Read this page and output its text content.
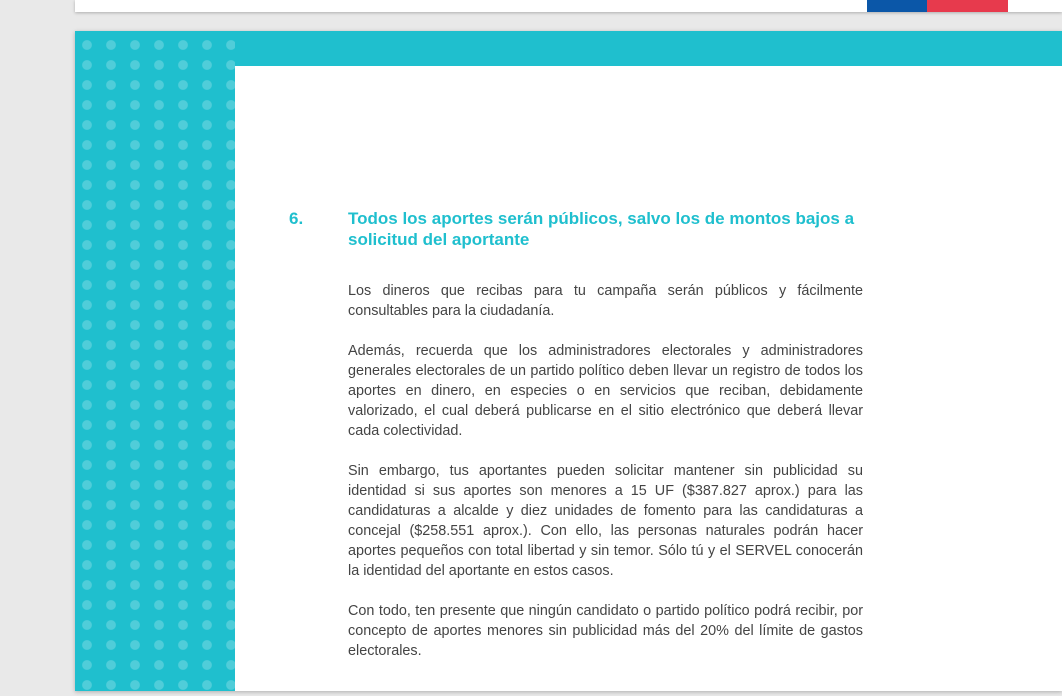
6.	Todos los aportes serán públicos, salvo los de montos bajos a solicitud del aportante

Los dineros que recibas para tu campaña serán públicos y fácilmente consultables para la ciudadanía.

Además, recuerda que los administradores electorales y administradores generales electorales de un partido político deben llevar un registro de todos los aportes en dinero, en especies o en servicios que reciban, debidamente valorizado, el cual deberá publicarse en el sitio electrónico que deberá llevar cada colectividad.

Sin embargo, tus aportantes pueden solicitar mantener sin publicidad su identidad si sus aportes son menores a 15 UF ($387.827 aprox.) para las candidaturas a alcalde y diez unidades de fomento para las candidaturas a concejal ($258.551 aprox.). Con ello, las personas naturales podrán hacer aportes pequeños con total libertad y sin temor. Sólo tú y el SERVEL conocerán la identidad del aportante en estos casos.

Con todo, ten presente que ningún candidato o partido político podrá recibir, por concepto de aportes menores sin publicidad más del 20% del límite de gastos electorales.
